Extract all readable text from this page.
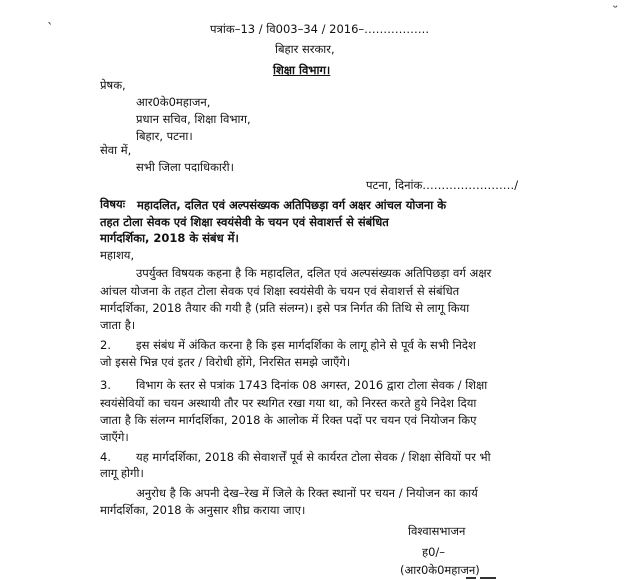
ˋ
˘
पत्रांक–13 / वि003–34 / 2016–……………..
बिहार सरकार,
शिक्षा विभाग।
प्रेषक,
आर0के0महाजन,
प्रधान सचिव, शिक्षा विभाग,
बिहार, पटना।
सेवा में,
सभी जिला पदाधिकारी।
पटना, दिनांक……………………/
विषयः महादलित, दलित एवं अल्पसंख्यक अतिपिछड़ा वर्ग अक्षर आंचल योजना के
तहत टोला सेवक एवं शिक्षा स्वयंसेवी के चयन एवं सेवाशर्त्त से संबंधित
मार्गदर्शिका, 2018 के संबंध में।
महाशय,
उपर्युक्त विषयक कहना है कि महादलित, दलित एवं अल्पसंख्यक अतिपिछड़ा वर्ग अक्षर
आंचल योजना के तहत टोला सेवक एवं शिक्षा स्वयंसेवी के चयन एवं सेवाशर्त्त से संबंधित
मार्गदर्शिका, 2018 तैयार की गयी है (प्रति संलग्न)। इसे पत्र निर्गत की तिथि से लागू किया
जाता है।
2. इस संबंध में अंकित करना है कि इस मार्गदर्शिका के लागू होने से पूर्व के सभी निदेश
जो इससे भिन्न एवं इतर / विरोधी होंगे, निरसित समझे जाएँगे।
3. विभाग के स्तर से पत्रांक 1743 दिनांक 08 अगस्त, 2016 द्वारा टोला सेवक / शिक्षा
स्वयंसेवियों का चयन अस्थायी तौर पर स्थगित रखा गया था, को निरस्त करते हुये निदेश दिया
जाता है कि संलग्न मार्गदर्शिका, 2018 के आलोक में रिक्त पदों पर चयन एवं नियोजन किए
जाएँगे।
4. यह मार्गदर्शिका, 2018 की सेवाशर्त्तें पूर्व से कार्यरत टोला सेवक / शिक्षा सेवियों पर भी
लागू होगी।
अनुरोध है कि अपनी देख–रेख में जिले के रिक्त स्थानों पर चयन / नियोजन का कार्य
मार्गदर्शिका, 2018 के अनुसार शीघ्र कराया जाए।
विश्वासभाजन
ह0/–
(आर0के0महाजन)
